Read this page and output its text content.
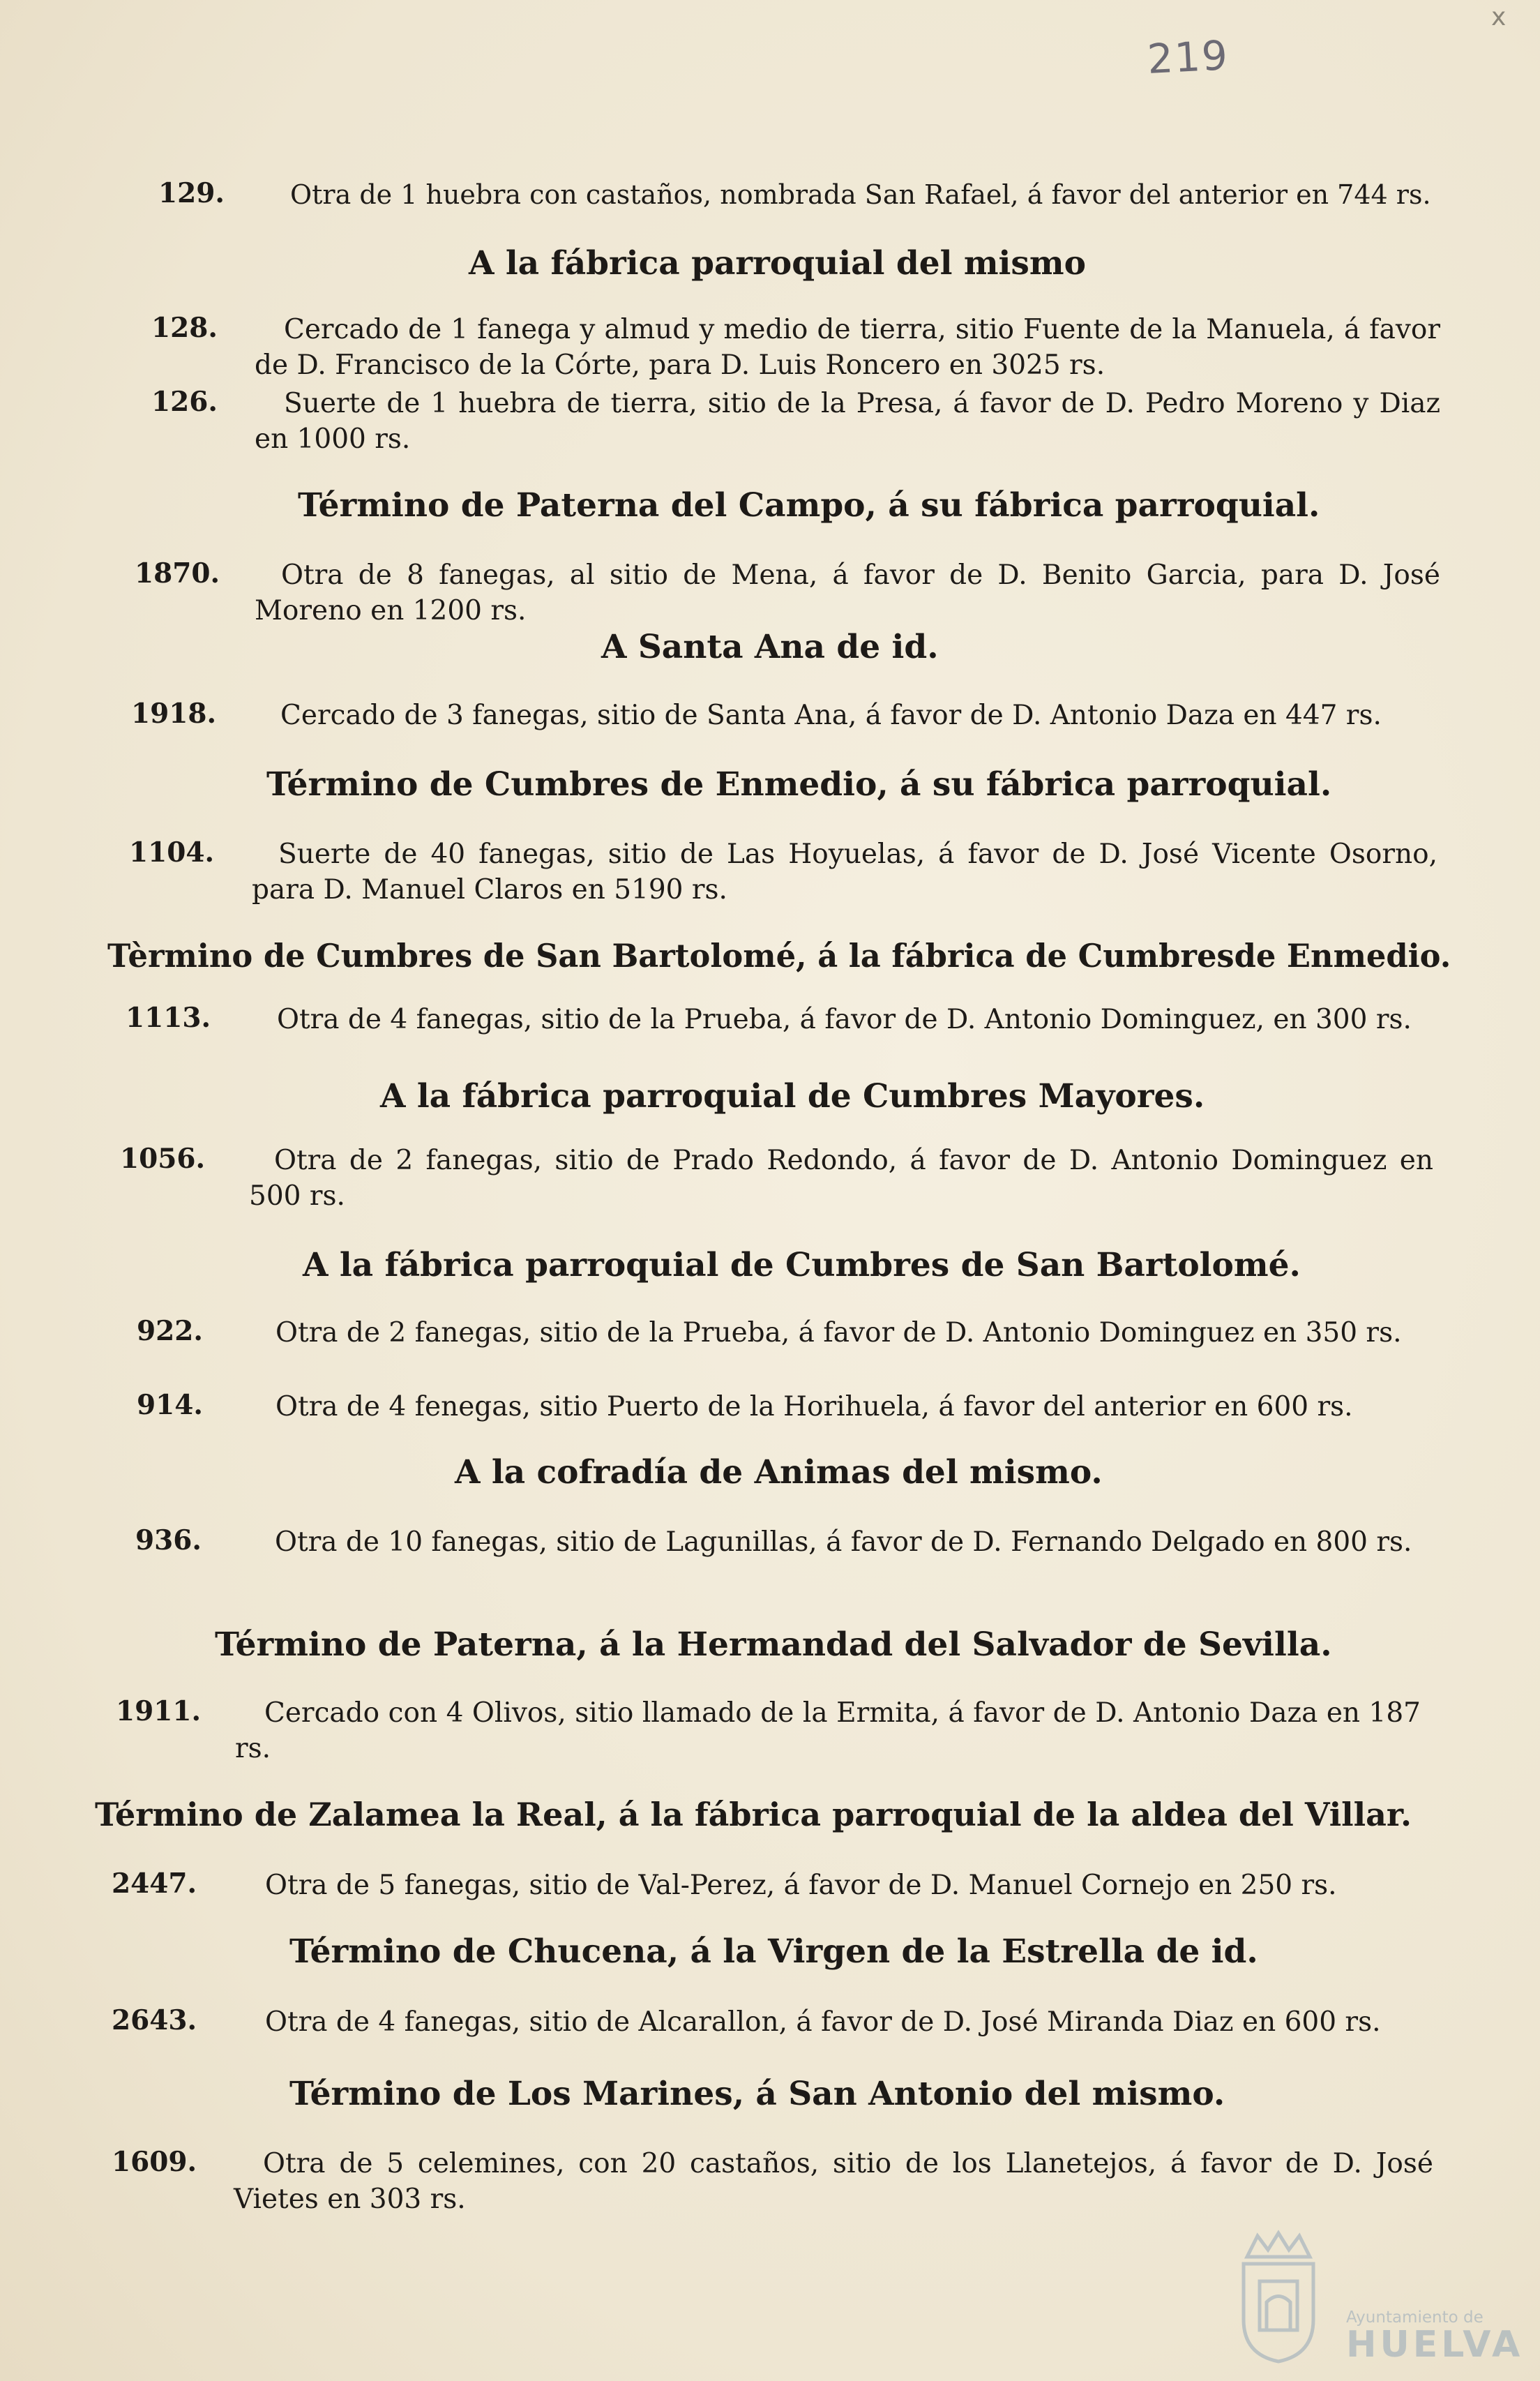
x
219
129. Otra de 1 huebra con castaños, nombrada San Rafael, á favor del anterior en 744 rs.
A la fábrica parroquial del mismo
128.	Cercado de 1 fanega y almud y medio de tierra, sitio Fuente de la Manuela, á favor de D. Francisco de la Córte, para D. Luis Roncero en 3025 rs.
126.	Suerte de 1 huebra de tierra, sitio de la Presa, á favor de D. Pedro Moreno y Diaz en 1000 rs.
Término de Paterna del Campo, á su fábrica parroquial.
1870.	Otra de 8 fanegas, al sitio de Mena, á favor de D. Benito Garcia, para D. José Moreno en 1200 rs.
A Santa Ana de id.
1918. Cercado de 3 fanegas, sitio de Santa Ana, á favor de D. Antonio Daza en 447 rs.
Término de Cumbres de Enmedio, á su fábrica parroquial.
1104.	Suerte de 40 fanegas, sitio de Las Hoyuelas, á favor de D. José Vicente Osorno, para D. Manuel Claros en 5190 rs.
Tèrmino de Cumbres de San Bartolomé, á la fábrica de Cumbresde Enmedio.
1113.	Otra de 4 fanegas, sitio de la Prueba, á favor de D. Antonio Dominguez, en 300 rs.
A la fábrica parroquial de Cumbres Mayores.
1056.	Otra de 2 fanegas, sitio de Prado Redondo, á favor de D. Antonio Dominguez en 500 rs.
A la fábrica parroquial de Cumbres de San Bartolomé.
922.	Otra de 2 fanegas, sitio de la Prueba, á favor de D. Antonio Dominguez en 350 rs.
914.	Otra de 4 fenegas, sitio Puerto de la Horihuela, á favor del anterior en 600 rs.
A la cofradía de Animas del mismo.
936.	Otra de 10 fanegas, sitio de Lagunillas, á favor de D. Fernando Delgado en 800 rs.
Término de Paterna, á la Hermandad del Salvador de Sevilla.
1911.	Cercado con 4 Olivos, sitio llamado de la Ermita, á favor de D. Antonio Daza en 187 rs.
Término de Zalamea la Real, á la fábrica parroquial de la aldea del Villar.
2447.	Otra de 5 fanegas, sitio de Val-Perez, á favor de D. Manuel Cornejo en 250 rs.
Término de Chucena, á la Virgen de la Estrella de id.
2643.	Otra de 4 fanegas, sitio de Alcarallon, á favor de D. José Miranda Diaz en 600 rs.
Término de Los Marines, á San Antonio del mismo.
1609.	Otra de 5 celemines, con 20 castaños, sitio de los Llanetejos, á favor de D. José Vietes en 303 rs.
Ayuntamiento de
HUELVA
